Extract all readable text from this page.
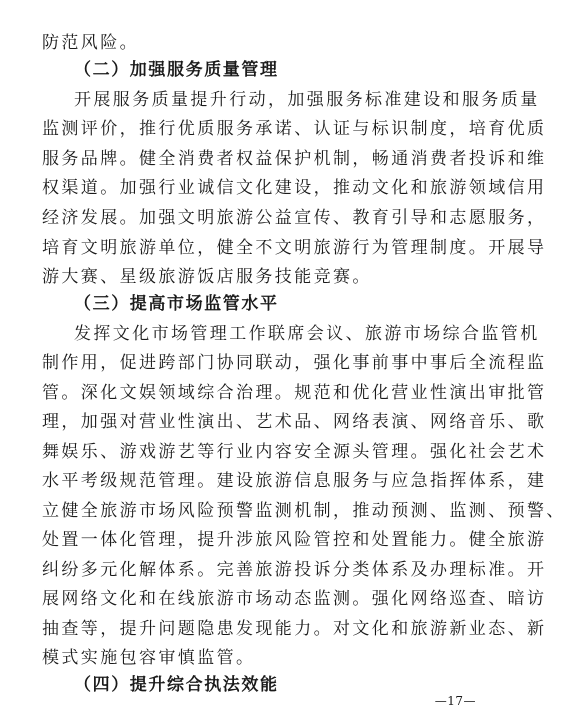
防范风险。
（二）加强服务质量管理
开展服务质量提升行动，加强服务标准建设和服务质量
监测评价，推行优质服务承诺、认证与标识制度，培育优质
服务品牌。健全消费者权益保护机制，畅通消费者投诉和维
权渠道。加强行业诚信文化建设，推动文化和旅游领域信用
经济发展。加强文明旅游公益宣传、教育引导和志愿服务，
培育文明旅游单位，健全不文明旅游行为管理制度。开展导
游大赛、星级旅游饭店服务技能竞赛。
（三）提高市场监管水平
发挥文化市场管理工作联席会议、旅游市场综合监管机
制作用，促进跨部门协同联动，强化事前事中事后全流程监
管。深化文娱领域综合治理。规范和优化营业性演出审批管
理，加强对营业性演出、艺术品、网络表演、网络音乐、歌
舞娱乐、游戏游艺等行业内容安全源头管理。强化社会艺术
水平考级规范管理。建设旅游信息服务与应急指挥体系，建
立健全旅游市场风险预警监测机制，推动预测、监测、预警、
处置一体化管理，提升涉旅风险管控和处置能力。健全旅游
纠纷多元化解体系。完善旅游投诉分类体系及办理标准。开
展网络文化和在线旅游市场动态监测。强化网络巡查、暗访
抽查等，提升问题隐患发现能力。对文化和旅游新业态、新
模式实施包容审慎监管。
（四）提升综合执法效能
—17—
